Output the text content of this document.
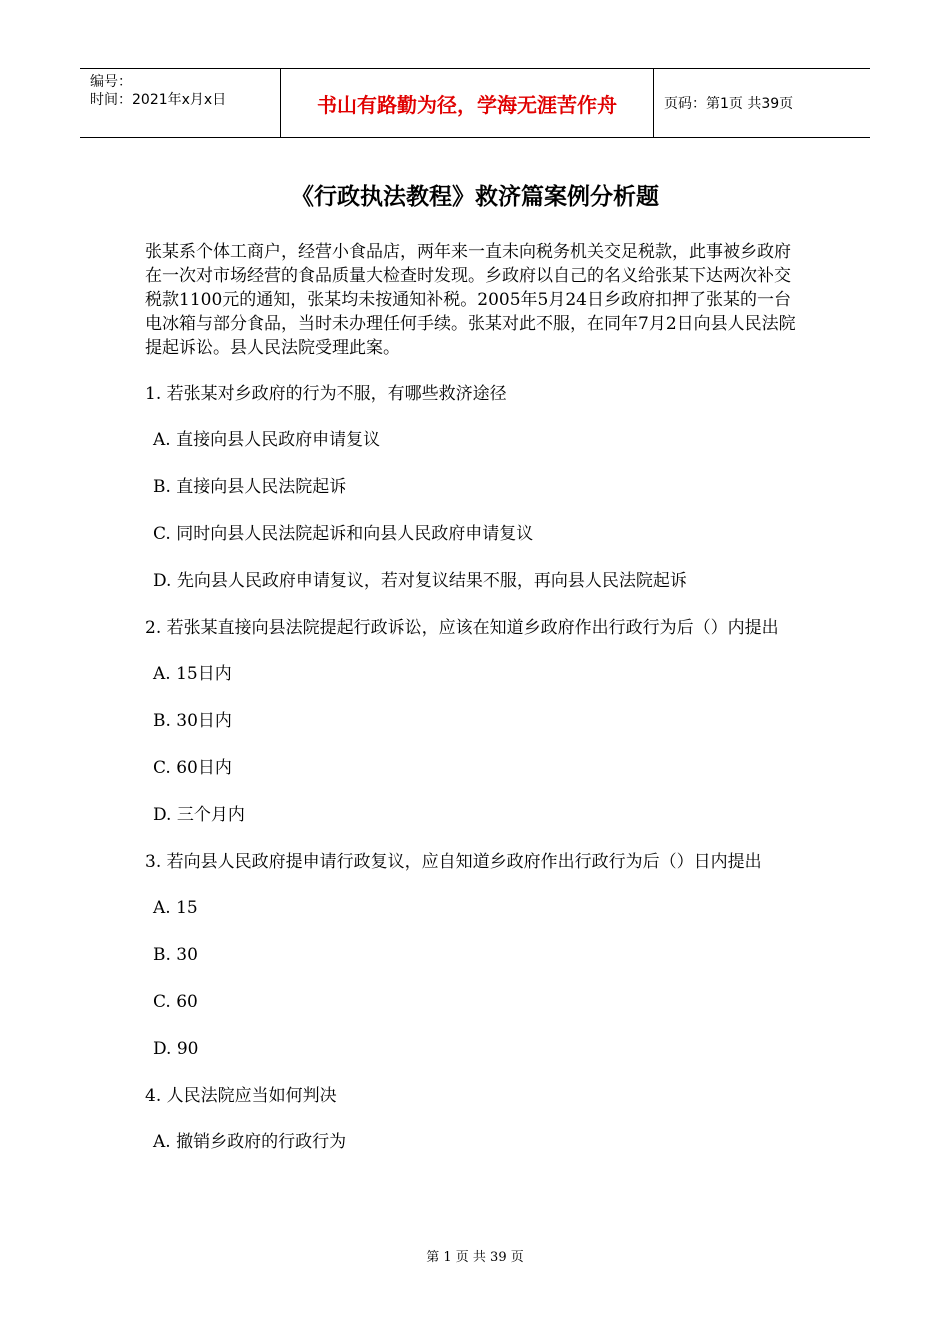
编号：
时间：2021年x月x日	书山有路勤为径，学海无涯苦作舟	页码：第1页 共39页
《行政执法教程》救济篇案例分析题

张某系个体工商户，经营小食品店，两年来一直未向税务机关交足税款，此事被乡政府在一次对市场经营的食品质量大检查时发现。乡政府以自己的名义给张某下达两次补交税款1100元的通知，张某均未按通知补税。2005年5月24日乡政府扣押了张某的一台电冰箱与部分食品，当时未办理任何手续。张某对此不服，在同年7月2日向县人民法院提起诉讼。县人民法院受理此案。

1. 若张某对乡政府的行为不服，有哪些救济途径

A. 直接向县人民政府申请复议
B. 直接向县人民法院起诉
C. 同时向县人民法院起诉和向县人民政府申请复议
D. 先向县人民政府申请复议，若对复议结果不服，再向县人民法院起诉

2. 若张某直接向县法院提起行政诉讼，应该在知道乡政府作出行政行为后（）内提出

A. 15日内
B. 30日内
C. 60日内
D. 三个月内

3. 若向县人民政府提申请行政复议，应自知道乡政府作出行政行为后（）日内提出

A. 15
B. 30
C. 60
D. 90

4. 人民法院应当如何判决

A. 撤销乡政府的行政行为
第 1 页 共 39 页
